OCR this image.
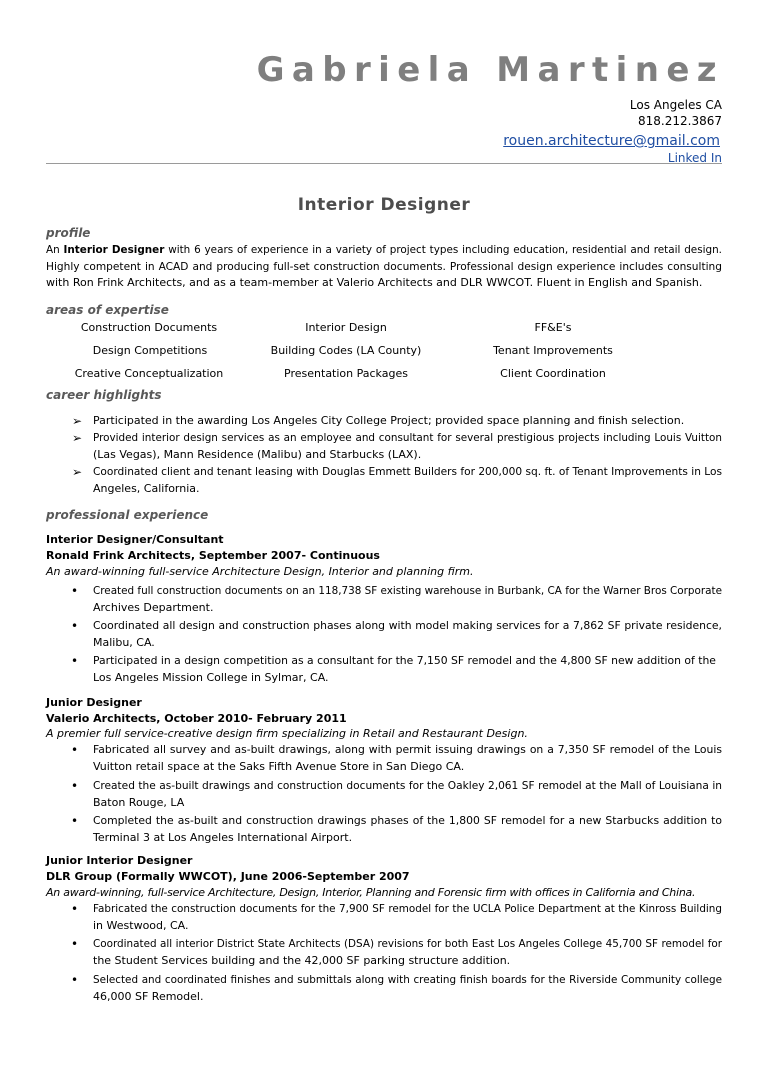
Gabriela Martinez
Los Angeles CA
818.212.3867
rouen.architecture@gmail.com
Linked In
Interior Designer
profile
An Interior Designer with 6 years of experience in a variety of project types including education, residential and retail design.
Highly competent in ACAD and producing full-set construction documents. Professional design experience includes consulting
with Ron Frink Architects, and as a team-member at Valerio Architects and DLR WWCOT. Fluent in English and Spanish.
areas of expertise
Construction Documents	Interior Design	FF&E's
Design Competitions	Building Codes (LA County)	Tenant Improvements
Creative Conceptualization	Presentation Packages	Client Coordination
career highlights
➢ Participated in the awarding Los Angeles City College Project; provided space planning and finish selection.
➢ Provided interior design services as an employee and consultant for several prestigious projects including Louis Vuitton
(Las Vegas), Mann Residence (Malibu) and Starbucks (LAX).
➢ Coordinated client and tenant leasing with Douglas Emmett Builders for 200,000 sq. ft. of Tenant Improvements in Los
Angeles, California.
professional experience
Interior Designer/Consultant
Ronald Frink Architects, September 2007- Continuous
An award-winning full-service Architecture Design, Interior and planning firm.
• Created full construction documents on an 118,738 SF existing warehouse in Burbank, CA for the Warner Bros Corporate
Archives Department.
• Coordinated all design and construction phases along with model making services for a 7,862 SF private residence,
Malibu, CA.
• Participated in a design competition as a consultant for the 7,150 SF remodel and the 4,800 SF new addition of the
Los Angeles Mission College in Sylmar, CA.
Junior Designer
Valerio Architects, October 2010- February 2011
A premier full service-creative design firm specializing in Retail and Restaurant Design.
• Fabricated all survey and as-built drawings, along with permit issuing drawings on a 7,350 SF remodel of the Louis
Vuitton retail space at the Saks Fifth Avenue Store in San Diego CA.
• Created the as-built drawings and construction documents for the Oakley 2,061 SF remodel at the Mall of Louisiana in
Baton Rouge, LA
• Completed the as-built and construction drawings phases of the 1,800 SF remodel for a new Starbucks addition to
Terminal 3 at Los Angeles International Airport.
Junior Interior Designer
DLR Group (Formally WWCOT), June 2006-September 2007
An award-winning, full-service Architecture, Design, Interior, Planning and Forensic firm with offices in California and China.
• Fabricated the construction documents for the 7,900 SF remodel for the UCLA Police Department at the Kinross Building
in Westwood, CA.
• Coordinated all interior District State Architects (DSA) revisions for both East Los Angeles College 45,700 SF remodel for
the Student Services building and the 42,000 SF parking structure addition.
• Selected and coordinated finishes and submittals along with creating finish boards for the Riverside Community college
46,000 SF Remodel.
